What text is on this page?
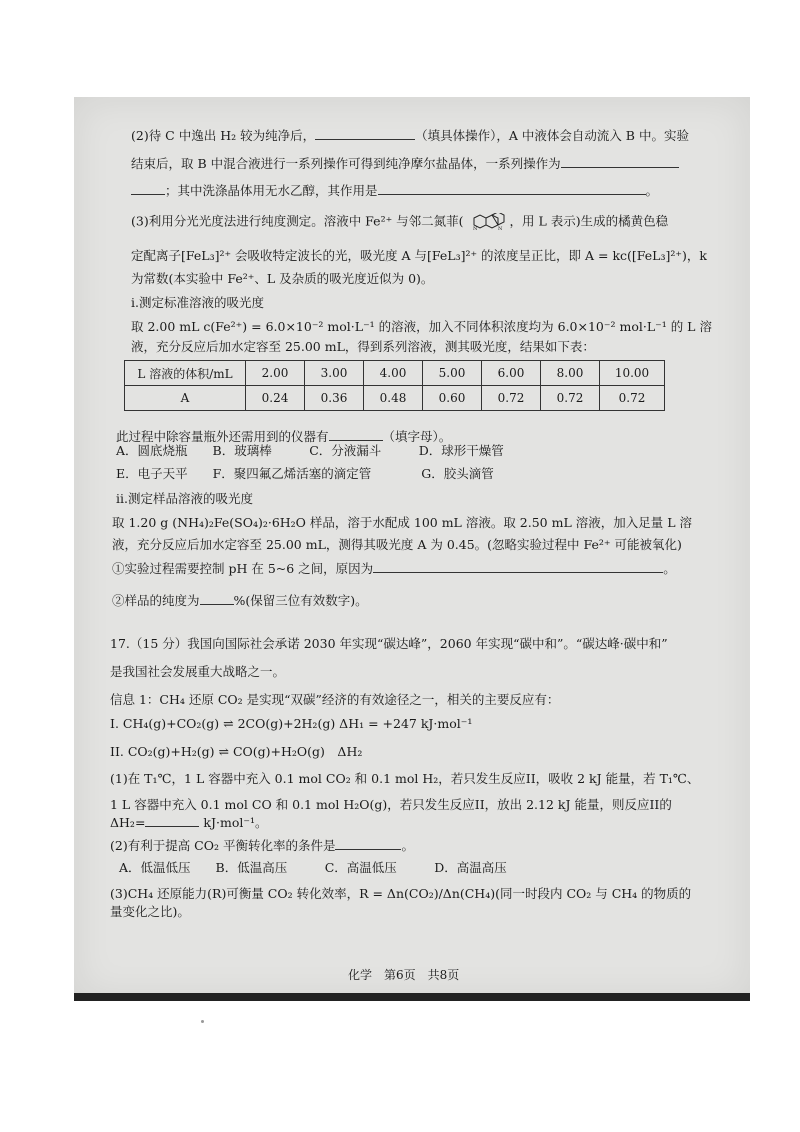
(2)待 C 中逸出 H₂ 较为纯净后，	（填具体操作），A 中液体会自动流入 B 中。实验
结束后，取 B 中混合液进行一系列操作可得到纯净摩尔盐晶体，一系列操作为
；其中洗涤晶体用无水乙醇，其作用是	。
(3)利用分光光度法进行纯度测定。溶液中 Fe²⁺ 与邻二氮菲(
N	N
，用 L 表示)生成的橘黄色稳
定配离子[FeL₃]²⁺ 会吸收特定波长的光，吸光度 A 与[FeL₃]²⁺ 的浓度呈正比，即 A = kc([FeL₃]²⁺)，k
为常数(本实验中 Fe²⁺、L 及杂质的吸光度近似为 0)。
i.测定标准溶液的吸光度
取 2.00 mL c(Fe²⁺) = 6.0×10⁻² mol·L⁻¹ 的溶液，加入不同体积浓度均为 6.0×10⁻² mol·L⁻¹ 的 L 溶
液，充分反应后加水定容至 25.00 mL，得到系列溶液，测其吸光度，结果如下表：
L 溶液的体积/mL	2.00	3.00	4.00	5.00	6.00	8.00	10.00
A	0.24	0.36	0.48	0.60	0.72	0.72	0.72
此过程中除容量瓶外还需用到的仪器有	（填字母）。
A．圆底烧瓶　　B．玻璃棒　　　C．分液漏斗　　　D．球形干燥管
E．电子天平　　F．聚四氟乙烯活塞的滴定管　　　　G．胶头滴管
ii.测定样品溶液的吸光度
取 1.20 g (NH₄)₂Fe(SO₄)₂·6H₂O 样品，溶于水配成 100 mL 溶液。取 2.50 mL 溶液，加入足量 L 溶
液，充分反应后加水定容至 25.00 mL，测得其吸光度 A 为 0.45。(忽略实验过程中 Fe²⁺ 可能被氧化)
①实验过程需要控制 pH 在 5~6 之间，原因为	。
②样品的纯度为	%(保留三位有效数字)。
17.（15 分）我国向国际社会承诺 2030 年实现“碳达峰”，2060 年实现“碳中和”。“碳达峰·碳中和”
是我国社会发展重大战略之一。
信息 1：CH₄ 还原 CO₂ 是实现“双碳”经济的有效途径之一，相关的主要反应有：
I. CH₄(g)+CO₂(g) ⇌ 2CO(g)+2H₂(g) ΔH₁ = +247 kJ·mol⁻¹
II. CO₂(g)+H₂(g) ⇌ CO(g)+H₂O(g)　ΔH₂
(1)在 T₁℃，1 L 容器中充入 0.1 mol CO₂ 和 0.1 mol H₂，若只发生反应II，吸收 2 kJ 能量，若 T₁℃、
1 L 容器中充入 0.1 mol CO 和 0.1 mol H₂O(g)，若只发生反应II，放出 2.12 kJ 能量，则反应II的
ΔH₂=	kJ·mol⁻¹。
(2)有利于提高 CO₂ 平衡转化率的条件是	。
A．低温低压　　B．低温高压　　　C．高温低压　　　D．高温高压
(3)CH₄ 还原能力(R)可衡量 CO₂ 转化效率，R = Δn(CO₂)/Δn(CH₄)(同一时段内 CO₂ 与 CH₄ 的物质的
量变化之比)。
化学　第6页　共8页
